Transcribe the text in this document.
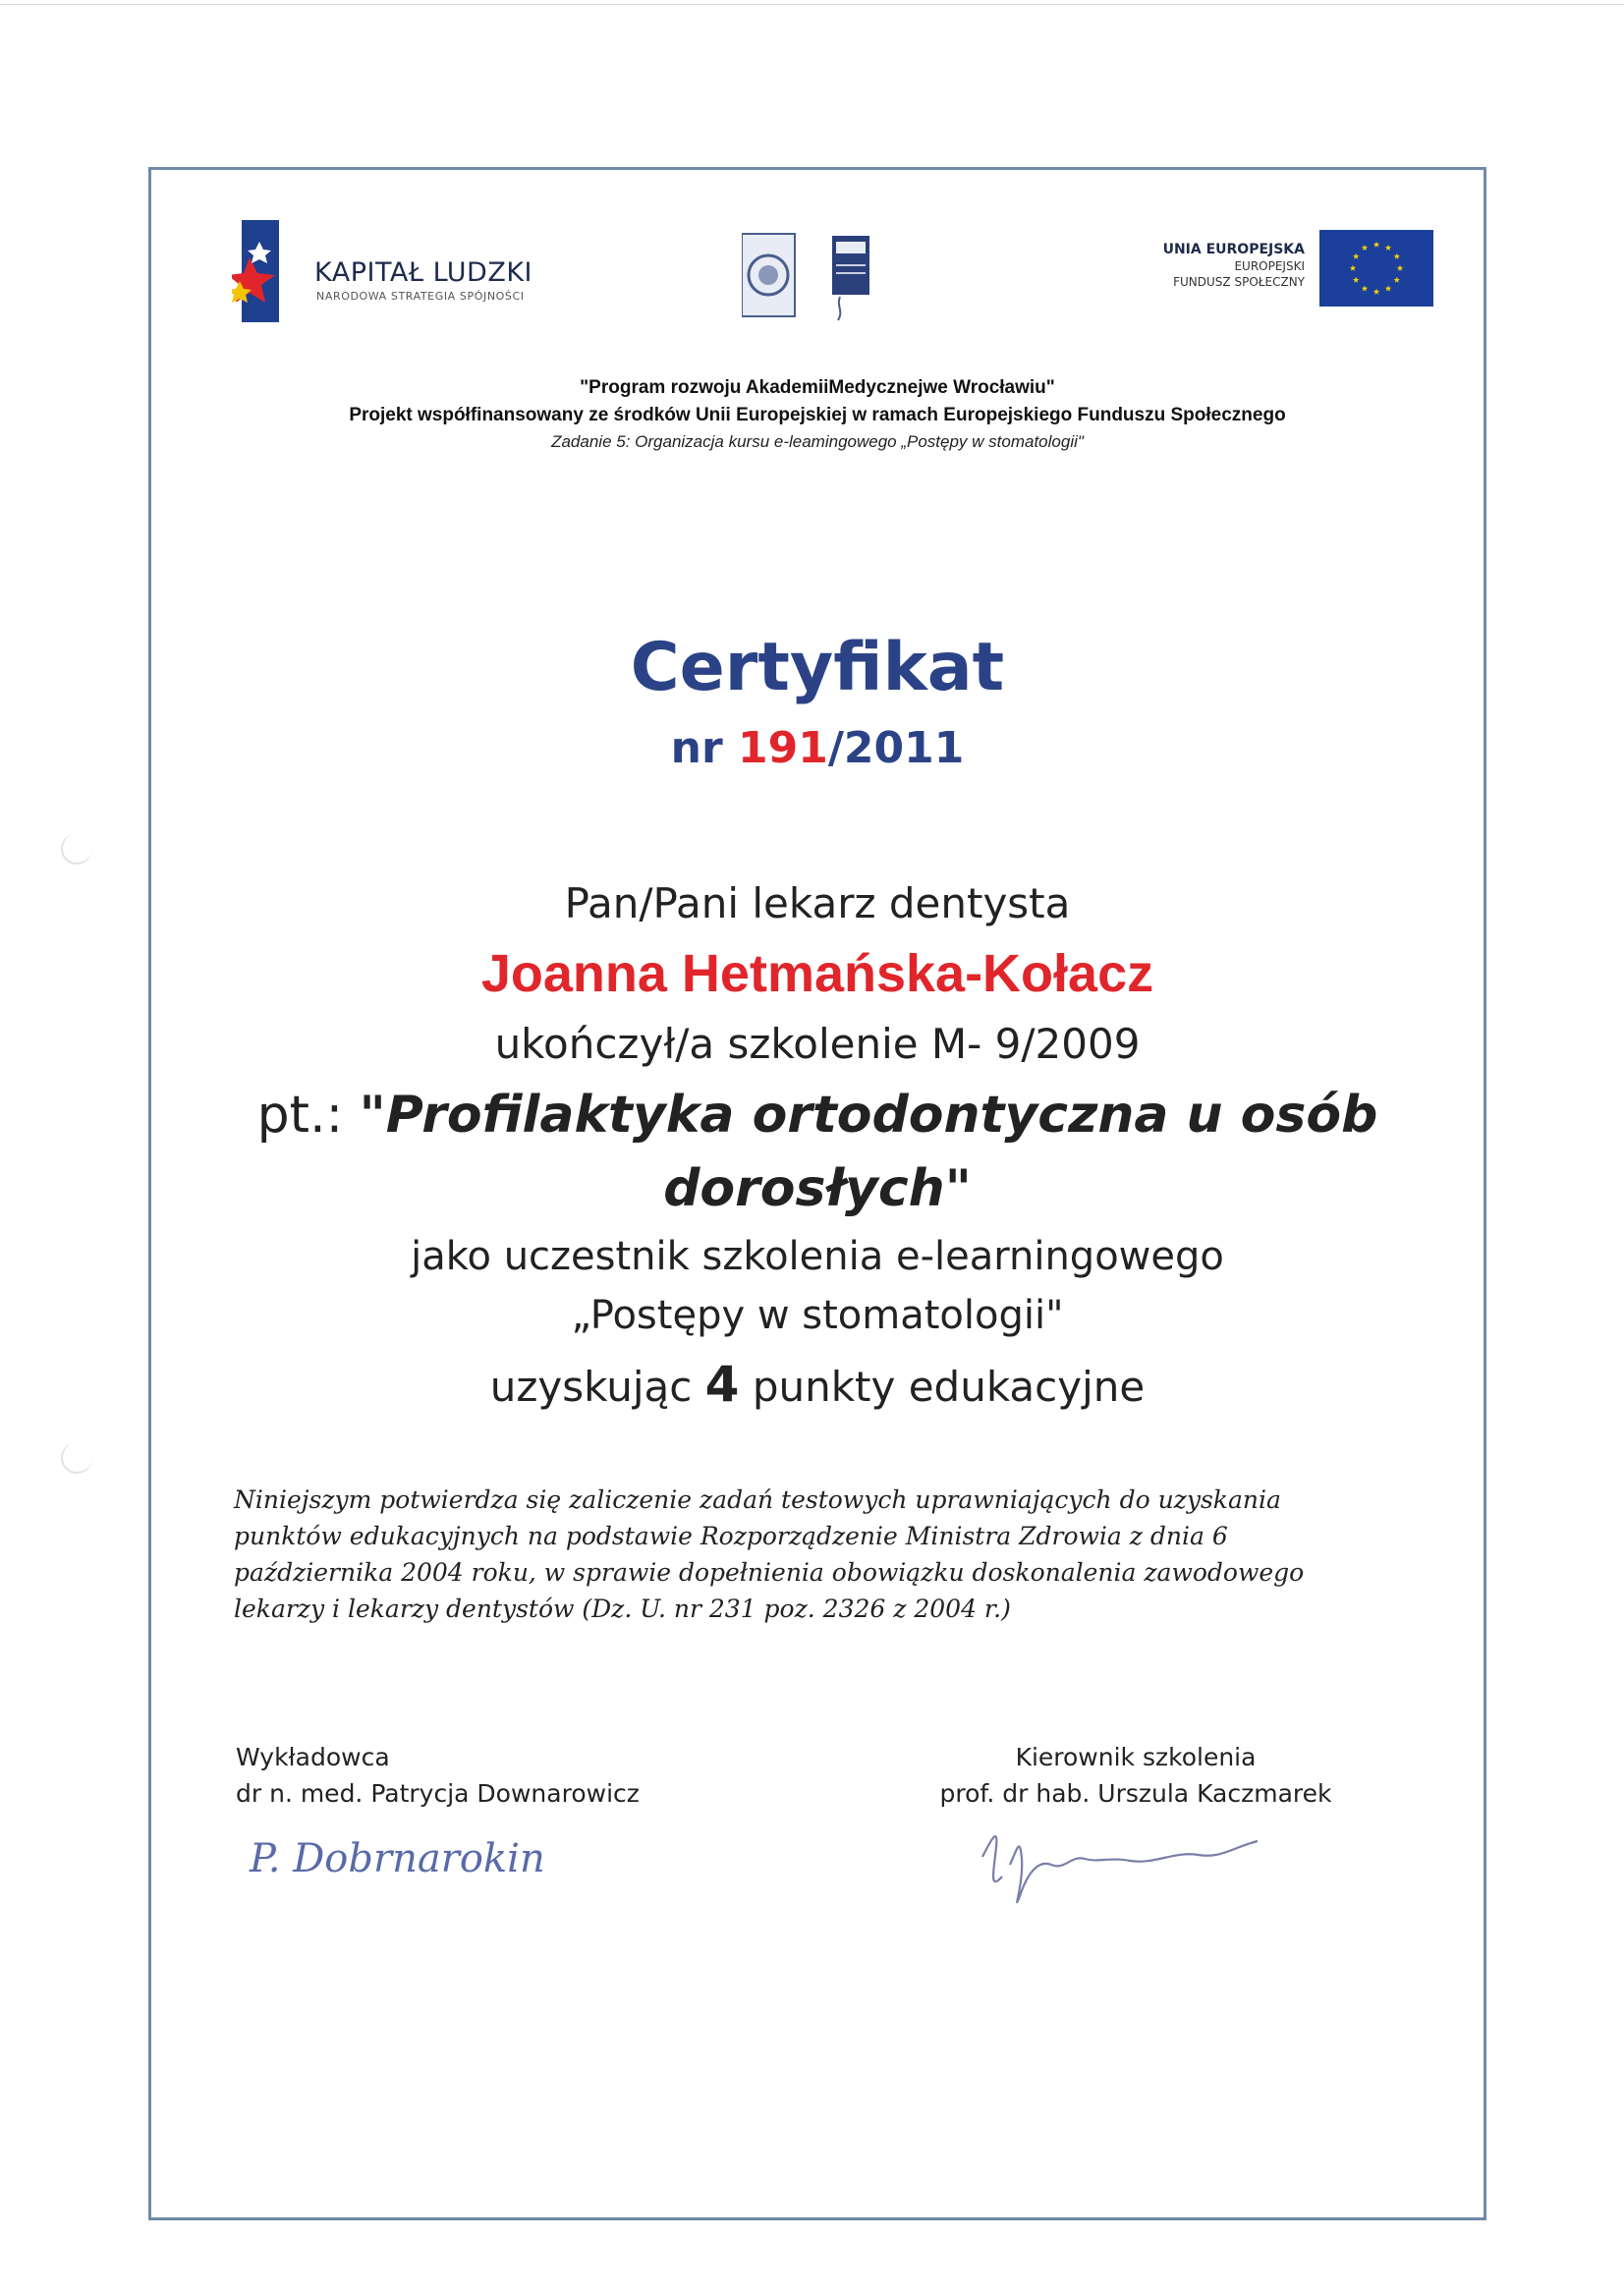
KAPITAŁ LUDZKI
NARODOWA STRATEGIA SPÓJNOŚCI
UNIA EUROPEJSKA
EUROPEJSKI
FUNDUSZ SPOŁECZNY
"Program rozwoju AkademiiMedycznejwe Wrocławiu"
Projekt współfinansowany ze środków Unii Europejskiej w ramach Europejskiego Funduszu Społecznego
Zadanie 5: Organizacja kursu e-leamingowego „Postępy w stomatologii"
Certyfikat
nr 191/2011
Pan/Pani lekarz dentysta
Joanna Hetmańska-Kołacz
ukończył/a szkolenie M- 9/2009
pt.: "Profilaktyka ortodontyczna u osób
dorosłych"
jako uczestnik szkolenia e-learningowego
„Postępy w stomatologii"
uzyskując 4 punkty edukacyjne
Niniejszym potwierdza się zaliczenie zadań testowych uprawniających do uzyskania punktów edukacyjnych na podstawie Rozporządzenie Ministra Zdrowia z dnia 6 października 2004 roku, w sprawie dopełnienia obowiązku doskonalenia zawodowego lekarzy i lekarzy dentystów (Dz. U. nr 231 poz. 2326 z 2004 r.)
Wykładowca
dr n. med. Patrycja Downarowicz
Kierownik szkolenia
prof. dr hab. Urszula Kaczmarek
P. Dobrnarokin
